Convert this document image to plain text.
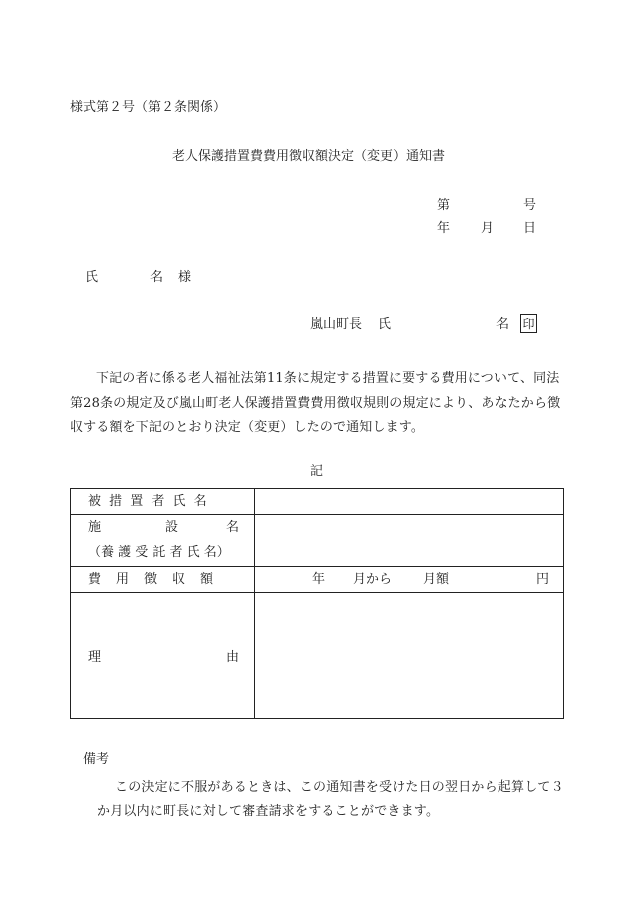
様式第２号（第２条関係）
老人保護措置費費用徴収額決定（変更）通知書
第	号
年 月 日
氏	名 様
嵐山町長 氏	名 印
下記の者に係る老人福祉法第11条に規定する措置に要する費用について、同法第28条の規定及び嵐山町老人保護措置費費用徴収規則の規定により、あなたから徴収する額を下記のとおり決定（変更）したので通知します。
記
被 措 置 者 氏 名
施	設	名
（養 護 受 託 者 氏 名）
費　用　徴　収　額	年 月から 月額	円
理	由
備考
この決定に不服があるときは、この通知書を受けた日の翌日から起算して３か月以内に町長に対して審査請求をすることができます。
